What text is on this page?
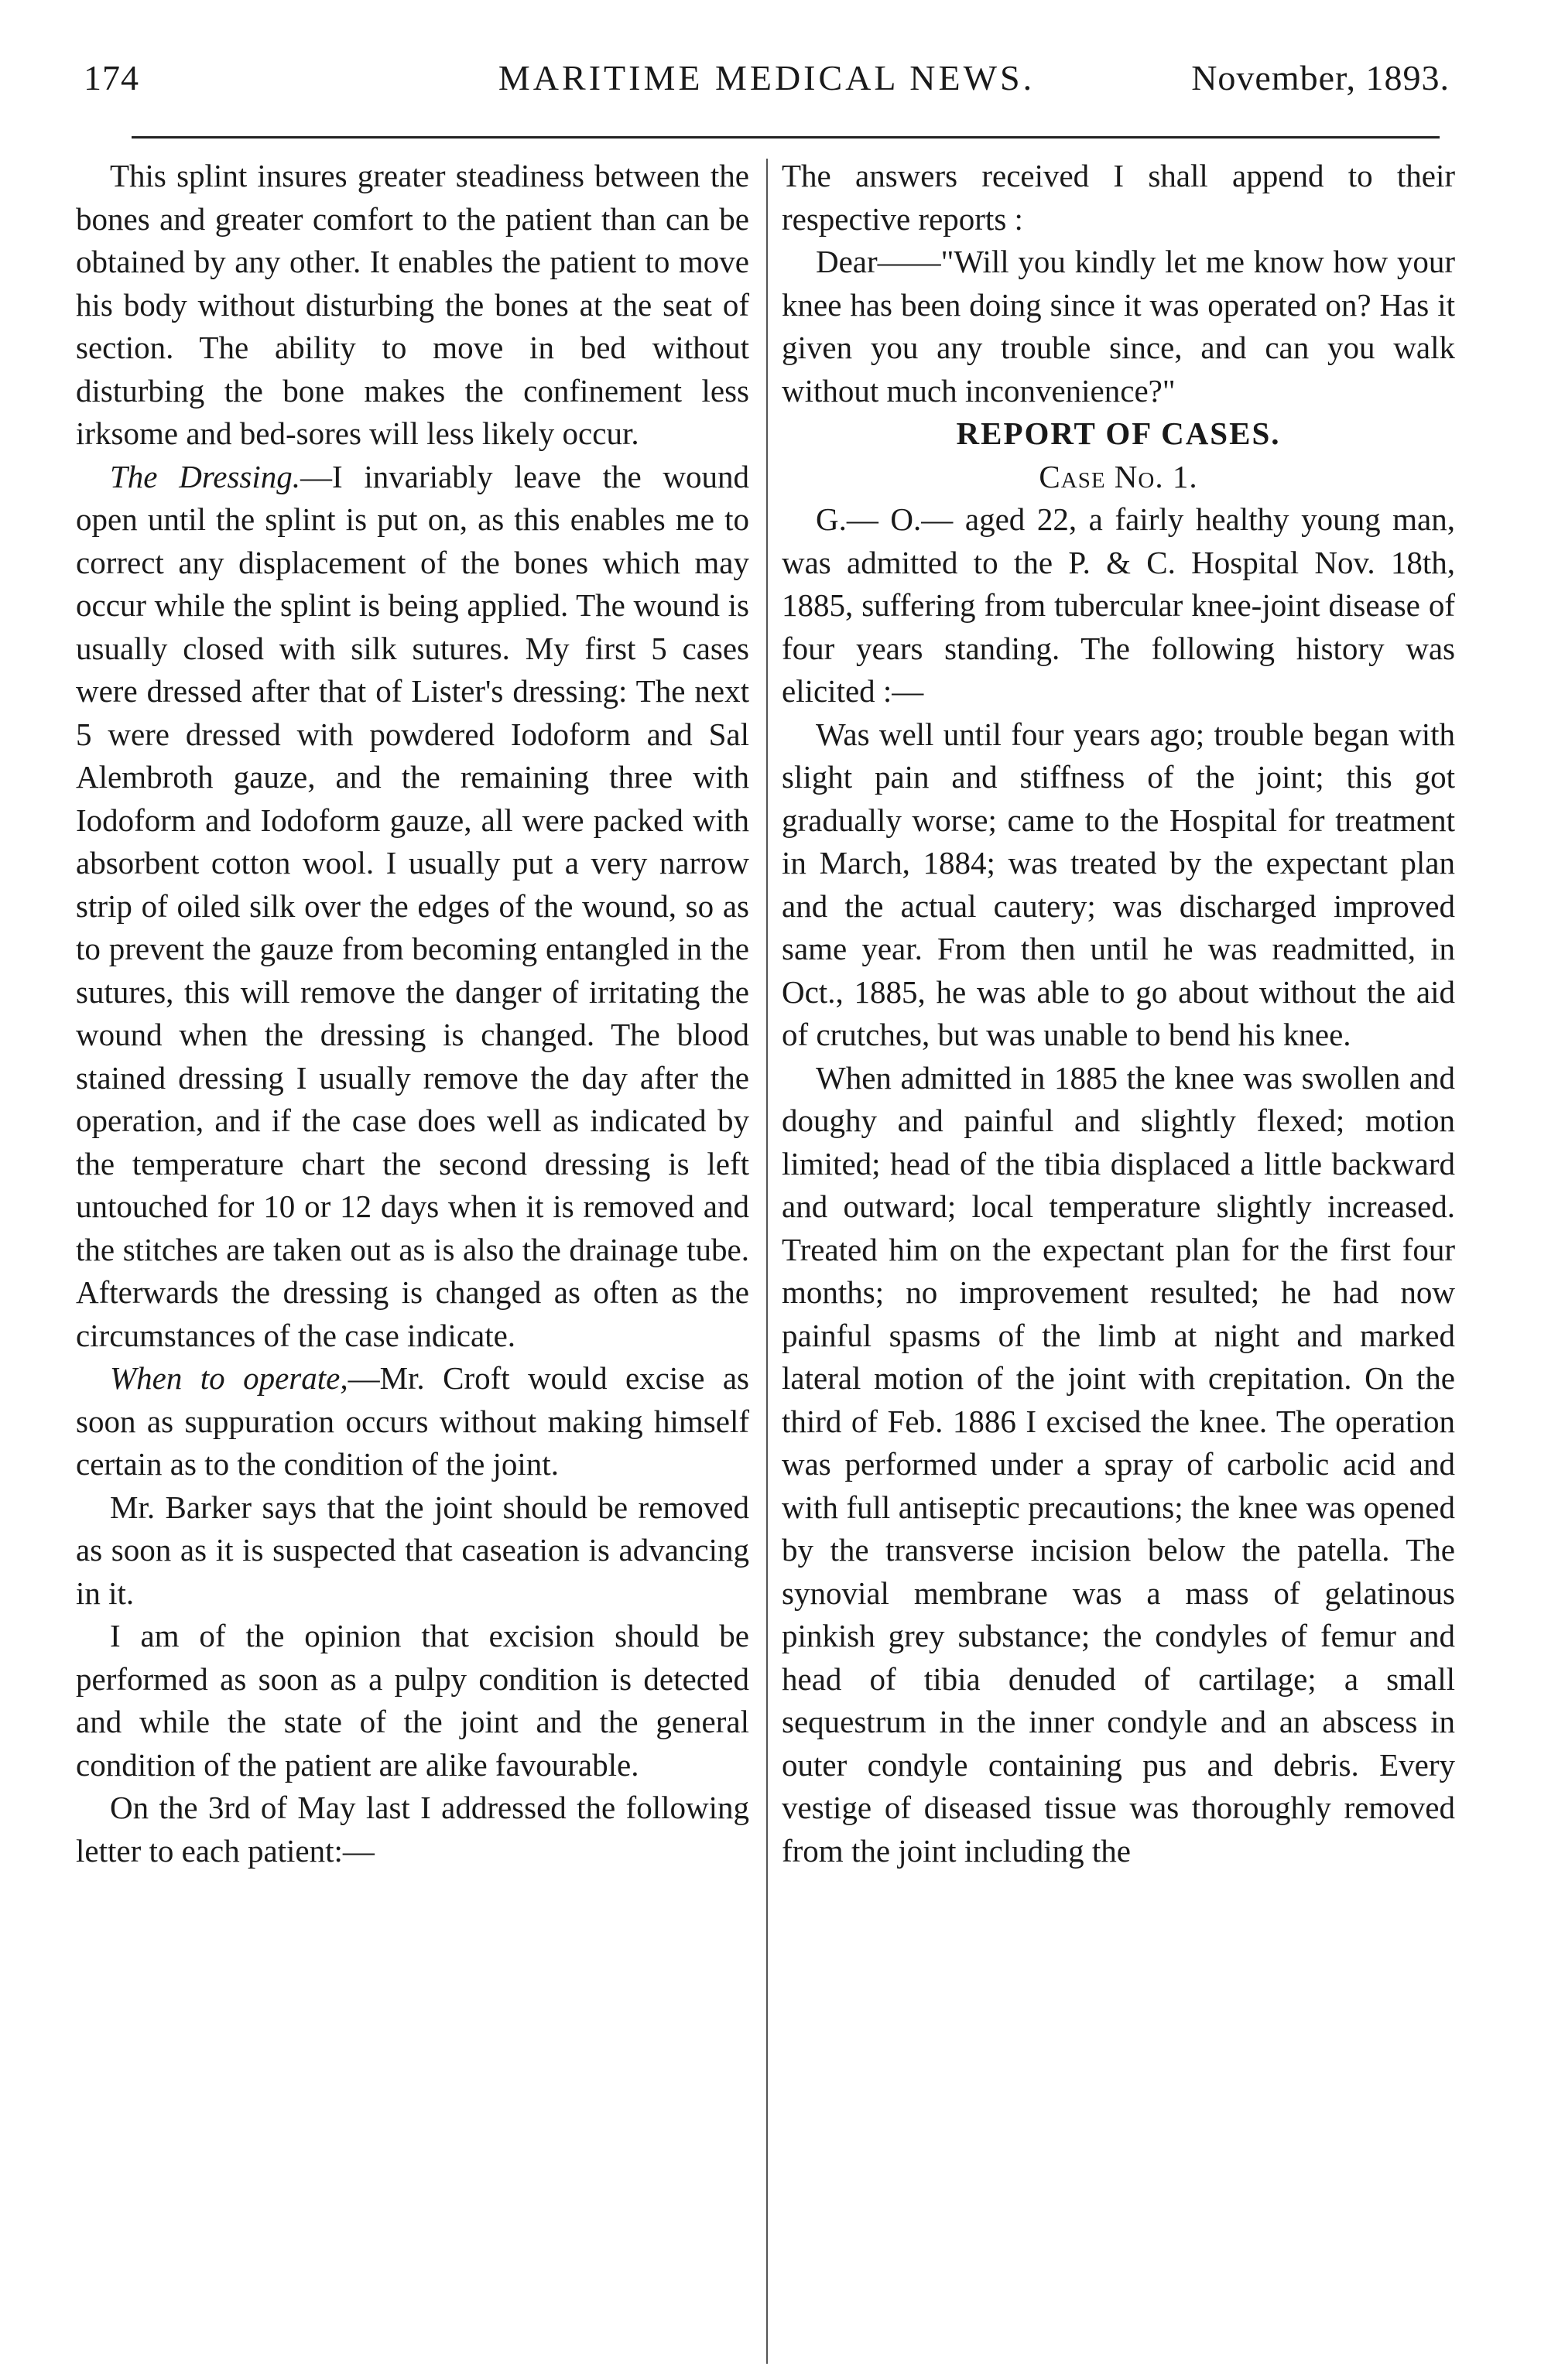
174	MARITIME MEDICAL NEWS.	November, 1893.

This splint insures greater steadiness between the bones and greater comfort to the patient than can be obtained by any other. It enables the patient to move his body without disturbing the bones at the seat of section. The ability to move in bed without disturbing the bone makes the confinement less irksome and bed-sores will less likely occur.

The Dressing.—I invariably leave the wound open until the splint is put on, as this enables me to correct any displacement of the bones which may occur while the splint is being applied. The wound is usually closed with silk sutures. My first 5 cases were dressed after that of Lister's dressing: The next 5 were dressed with powdered Iodoform and Sal Alembroth gauze, and the remaining three with Iodoform and Iodoform gauze, all were packed with absorbent cotton wool. I usually put a very narrow strip of oiled silk over the edges of the wound, so as to prevent the gauze from becoming entangled in the sutures, this will remove the danger of irritating the wound when the dressing is changed. The blood stained dressing I usually remove the day after the operation, and if the case does well as indicated by the temperature chart the second dressing is left untouched for 10 or 12 days when it is removed and the stitches are taken out as is also the drainage tube. Afterwards the dressing is changed as often as the circumstances of the case indicate.

When to operate,—Mr. Croft would excise as soon as suppuration occurs without making himself certain as to the condition of the joint.

Mr. Barker says that the joint should be removed as soon as it is suspected that caseation is advancing in it.

I am of the opinion that excision should be performed as soon as a pulpy condition is detected and while the state of the joint and the general condition of the patient are alike favourable.

On the 3rd of May last I addressed the following letter to each patient:—

The answers received I shall append to their respective reports :

Dear——"Will you kindly let me know how your knee has been doing since it was operated on? Has it given you any trouble since, and can you walk without much inconvenience?"

REPORT OF CASES.

Case No. 1.

G.— O.— aged 22, a fairly healthy young man, was admitted to the P. & C. Hospital Nov. 18th, 1885, suffering from tubercular knee-joint disease of four years standing. The following history was elicited :—

Was well until four years ago; trouble began with slight pain and stiffness of the joint; this got gradually worse; came to the Hospital for treatment in March, 1884; was treated by the expectant plan and the actual cautery; was discharged improved same year. From then until he was readmitted, in Oct., 1885, he was able to go about without the aid of crutches, but was unable to bend his knee.

When admitted in 1885 the knee was swollen and doughy and painful and slightly flexed; motion limited; head of the tibia displaced a little backward and outward; local temperature slightly increased. Treated him on the expectant plan for the first four months; no improvement resulted; he had now painful spasms of the limb at night and marked lateral motion of the joint with crepitation. On the third of Feb. 1886 I excised the knee. The operation was performed under a spray of carbolic acid and with full antiseptic precautions; the knee was opened by the transverse incision below the patella. The synovial membrane was a mass of gelatinous pinkish grey substance; the condyles of femur and head of tibia denuded of cartilage; a small sequestrum in the inner condyle and an abscess in outer condyle containing pus and debris. Every vestige of diseased tissue was thoroughly removed from the joint including the
